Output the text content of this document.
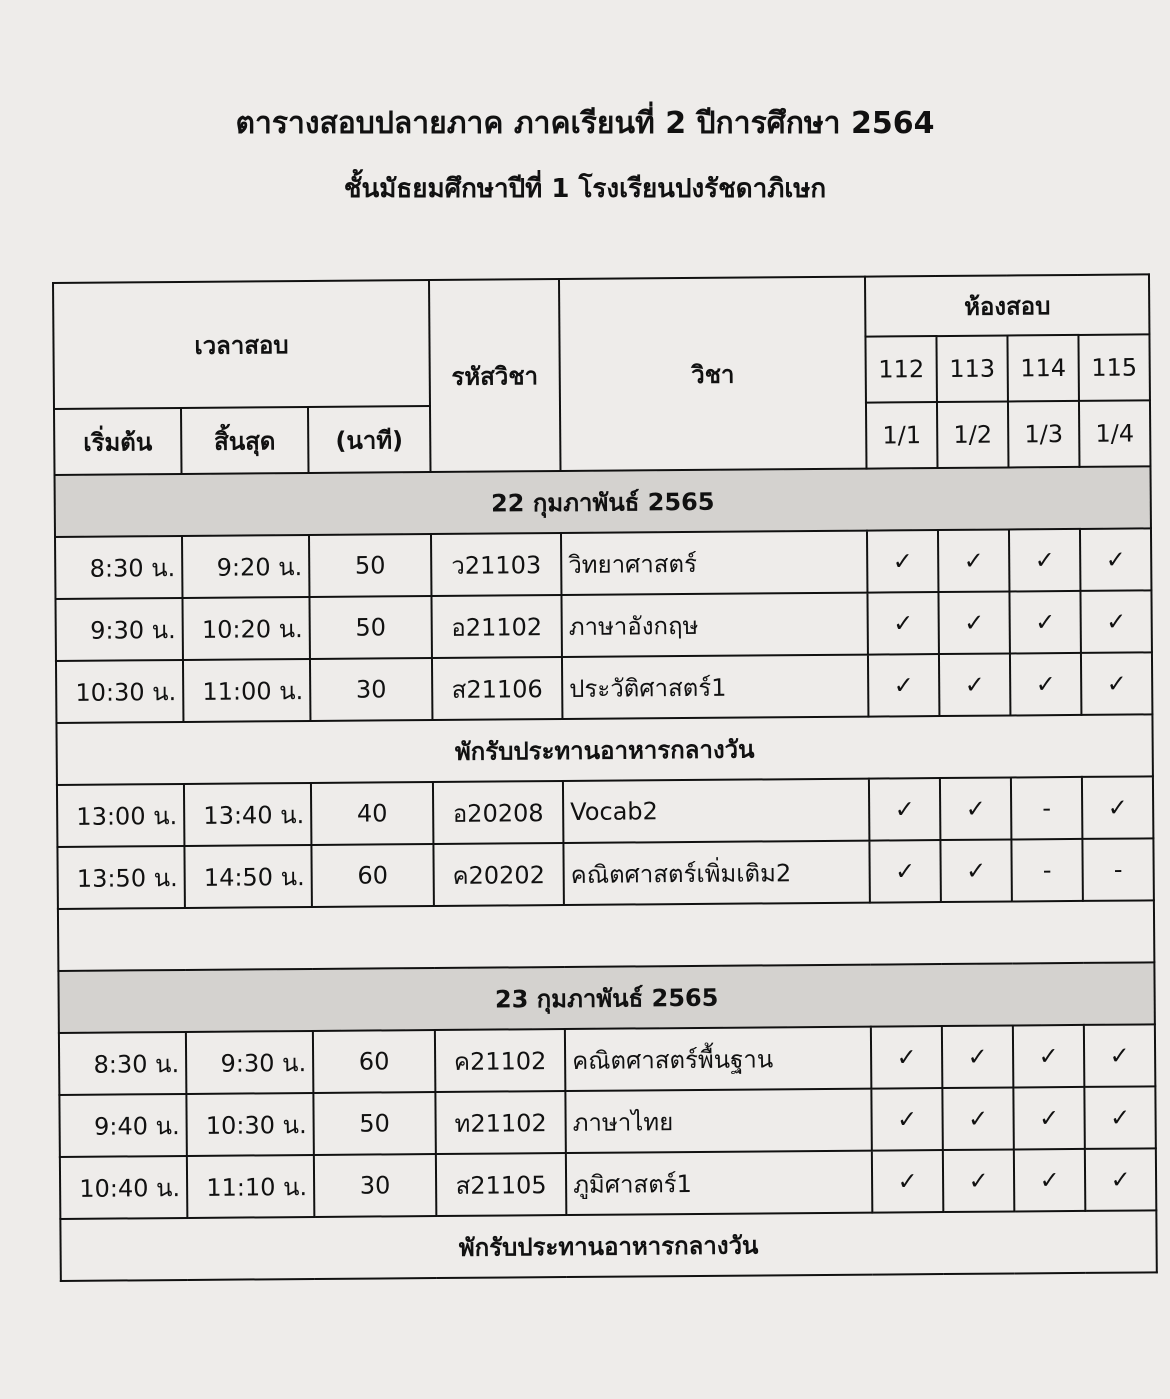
ตารางสอบปลายภาค ภาคเรียนที่ 2 ปีการศึกษา 2564
ชั้นมัธยมศึกษาปีที่ 1 โรงเรียนปงรัชดาภิเษก
เวลาสอบ			รหัสวิชา	วิชา	ห้องสอบ			
					112	113	114	115
เริ่มต้น	สิ้นสุด	(นาที)			1/1	1/2	1/3	1/4
22 กุมภาพันธ์ 2565								
8:30 น.	9:20 น.	50	ว21103	วิทยาศาสตร์	✓	✓	✓	✓
9:30 น.	10:20 น.	50	อ21102	ภาษาอังกฤษ	✓	✓	✓	✓
10:30 น.	11:00 น.	30	ส21106	ประวัติศาสตร์1	✓	✓	✓	✓
พักรับประทานอาหารกลางวัน								
13:00 น.	13:40 น.	40	อ20208	Vocab2	✓	✓	-	✓
13:50 น.	14:50 น.	60	ค20202	คณิตศาสตร์เพิ่มเติม2	✓	✓	-	-

23 กุมภาพันธ์ 2565								
8:30 น.	9:30 น.	60	ค21102	คณิตศาสตร์พื้นฐาน	✓	✓	✓	✓
9:40 น.	10:30 น.	50	ท21102	ภาษาไทย	✓	✓	✓	✓
10:40 น.	11:10 น.	30	ส21105	ภูมิศาสตร์1	✓	✓	✓	✓
พักรับประทานอาหารกลางวัน								
